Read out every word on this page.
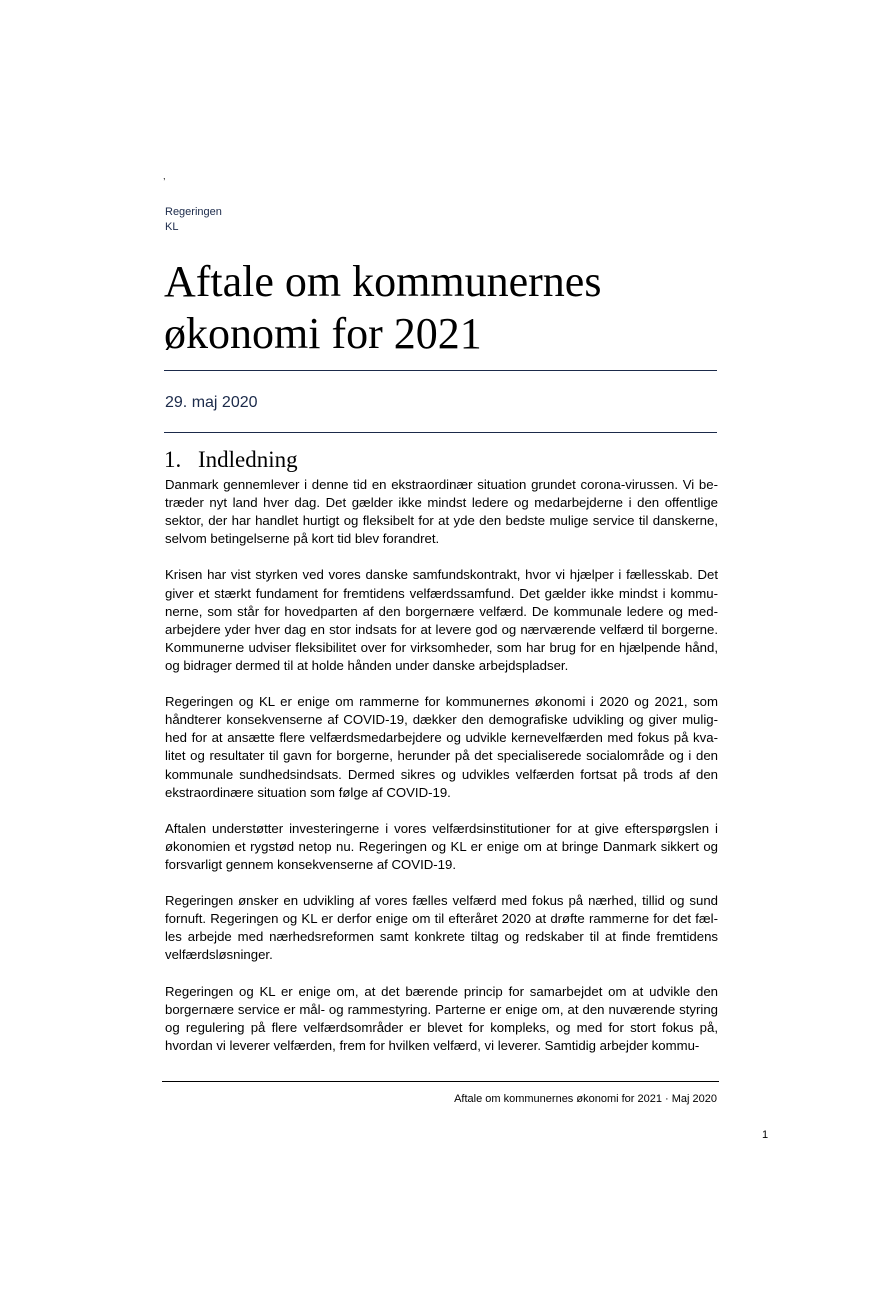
,
Regeringen
KL
Aftale om kommunernes økonomi for 2021
29. maj 2020
1. Indledning

Danmark gennemlever i denne tid en ekstraordinær situation grundet corona-virussen. Vi betræder nyt land hver dag. Det gælder ikke mindst ledere og medarbejderne i den offentlige sektor, der har handlet hurtigt og fleksibelt for at yde den bedste mulige service til danskerne, selvom betingelserne på kort tid blev forandret.

Krisen har vist styrken ved vores danske samfundskontrakt, hvor vi hjælper i fællesskab. Det giver et stærkt fundament for fremtidens velfærdssamfund. Det gælder ikke mindst i kommunerne, som står for hovedparten af den borgernære velfærd. De kommunale ledere og medarbejdere yder hver dag en stor indsats for at levere god og nærværende velfærd til borgerne. Kommunerne udviser fleksibilitet over for virksomheder, som har brug for en hjælpende hånd, og bidrager dermed til at holde hånden under danske arbejdspladser.

Regeringen og KL er enige om rammerne for kommunernes økonomi i 2020 og 2021, som håndterer konsekvenserne af COVID-19, dækker den demografiske udvikling og giver mulighed for at ansætte flere velfærdsmedarbejdere og udvikle kernevelfærden med fokus på kvalitet og resultater til gavn for borgerne, herunder på det specialiserede socialområde og i den kommunale sundhedsindsats. Dermed sikres og udvikles velfærden fortsat på trods af den ekstraordinære situation som følge af COVID-19.

Aftalen understøtter investeringerne i vores velfærdsinstitutioner for at give efterspørgslen i økonomien et rygstød netop nu. Regeringen og KL er enige om at bringe Danmark sikkert og forsvarligt gennem konsekvenserne af COVID-19.

Regeringen ønsker en udvikling af vores fælles velfærd med fokus på nærhed, tillid og sund fornuft. Regeringen og KL er derfor enige om til efteråret 2020 at drøfte rammerne for det fælles arbejde med nærhedsreformen samt konkrete tiltag og redskaber til at finde fremtidens velfærdsløsninger.

Regeringen og KL er enige om, at det bærende princip for samarbejdet om at udvikle den borgernære service er mål- og rammestyring. Parterne er enige om, at den nuværende styring og regulering på flere velfærdsområder er blevet for kompleks, og med for stort fokus på, hvordan vi leverer velfærden, frem for hvilken velfærd, vi leverer. Samtidig arbejder kommu-

Aftale om kommunernes økonomi for 2021 · Maj 2020
1
